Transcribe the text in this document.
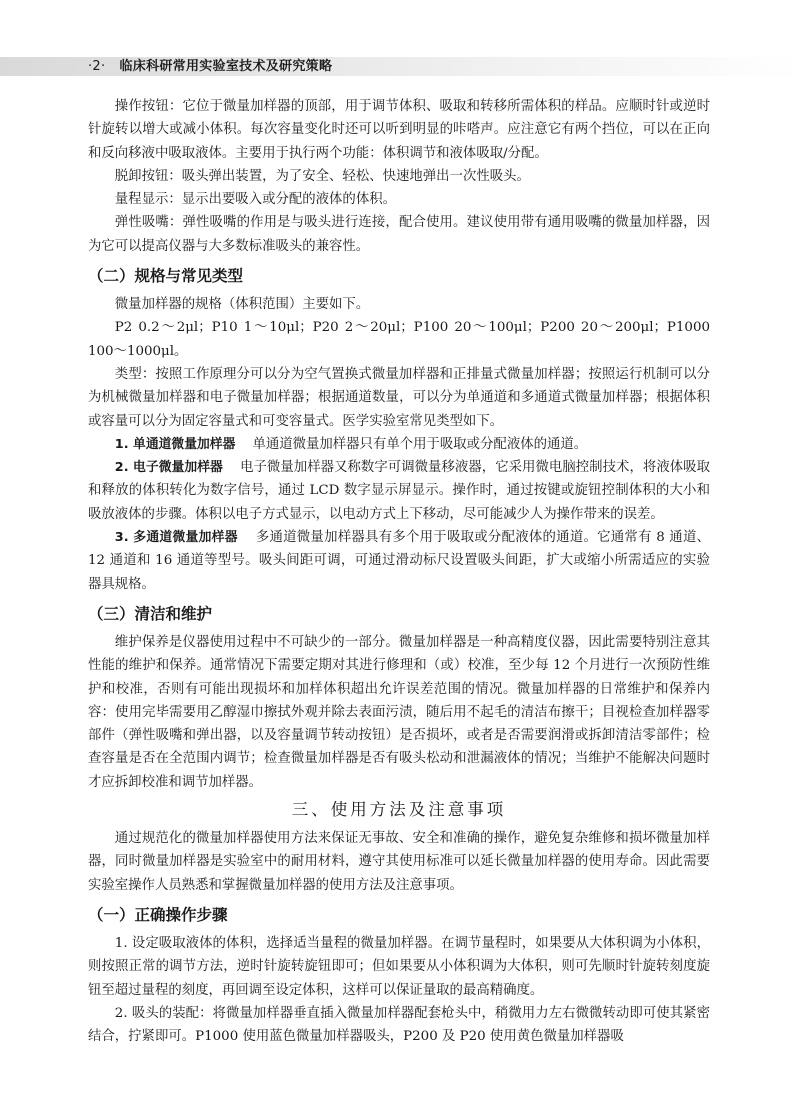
·2· 临床科研常用实验室技术及研究策略

操作按钮：它位于微量加样器的顶部，用于调节体积、吸取和转移所需体积的样品。应顺时针或逆时针旋转以增大或减小体积。每次容量变化时还可以听到明显的咔嗒声。应注意它有两个挡位，可以在正向和反向移液中吸取液体。主要用于执行两个功能：体积调节和液体吸取/分配。

脱卸按钮：吸头弹出装置，为了安全、轻松、快速地弹出一次性吸头。

量程显示：显示出要吸入或分配的液体的体积。

弹性吸嘴：弹性吸嘴的作用是与吸头进行连接，配合使用。建议使用带有通用吸嘴的微量加样器，因为它可以提高仪器与大多数标准吸头的兼容性。

（二）规格与常见类型

微量加样器的规格（体积范围）主要如下。

P2 0.2～2μl；P10 1～10μl；P20 2～20μl；P100 20～100μl；P200 20～200μl；P1000 100～1000μl。

类型：按照工作原理分可以分为空气置换式微量加样器和正排量式微量加样器；按照运行机制可以分为机械微量加样器和电子微量加样器；根据通道数量，可以分为单通道和多通道式微量加样器；根据体积或容量可以分为固定容量式和可变容量式。医学实验室常见类型如下。

1. 单通道微量加样器 单通道微量加样器只有单个用于吸取或分配液体的通道。

2. 电子微量加样器 电子微量加样器又称数字可调微量移液器，它采用微电脑控制技术，将液体吸取和释放的体积转化为数字信号，通过 LCD 数字显示屏显示。操作时，通过按键或旋钮控制体积的大小和吸放液体的步骤。体积以电子方式显示，以电动方式上下移动，尽可能减少人为操作带来的误差。

3. 多通道微量加样器 多通道微量加样器具有多个用于吸取或分配液体的通道。它通常有 8 通道、12 通道和 16 通道等型号。吸头间距可调，可通过滑动标尺设置吸头间距，扩大或缩小所需适应的实验器具规格。

（三）清洁和维护

维护保养是仪器使用过程中不可缺少的一部分。微量加样器是一种高精度仪器，因此需要特别注意其性能的维护和保养。通常情况下需要定期对其进行修理和（或）校准，至少每 12 个月进行一次预防性维护和校准，否则有可能出现损坏和加样体积超出允许误差范围的情况。微量加样器的日常维护和保养内容：使用完毕需要用乙醇湿巾擦拭外观并除去表面污渍，随后用不起毛的清洁布擦干；目视检查加样器零部件（弹性吸嘴和弹出器，以及容量调节转动按钮）是否损坏，或者是否需要润滑或拆卸清洁零部件；检查容量是否在全范围内调节；检查微量加样器是否有吸头松动和泄漏液体的情况；当维护不能解决问题时才应拆卸校准和调节加样器。

三、使用方法及注意事项

通过规范化的微量加样器使用方法来保证无事故、安全和准确的操作，避免复杂维修和损坏微量加样器，同时微量加样器是实验室中的耐用材料，遵守其使用标准可以延长微量加样器的使用寿命。因此需要实验室操作人员熟悉和掌握微量加样器的使用方法及注意事项。

（一）正确操作步骤

1. 设定吸取液体的体积，选择适当量程的微量加样器。在调节量程时，如果要从大体积调为小体积，则按照正常的调节方法，逆时针旋转旋钮即可；但如果要从小体积调为大体积，则可先顺时针旋转刻度旋钮至超过量程的刻度，再回调至设定体积，这样可以保证量取的最高精确度。

2. 吸头的装配：将微量加样器垂直插入微量加样器配套枪头中，稍微用力左右微微转动即可使其紧密结合，拧紧即可。P1000 使用蓝色微量加样器吸头，P200 及 P20 使用黄色微量加样器吸
